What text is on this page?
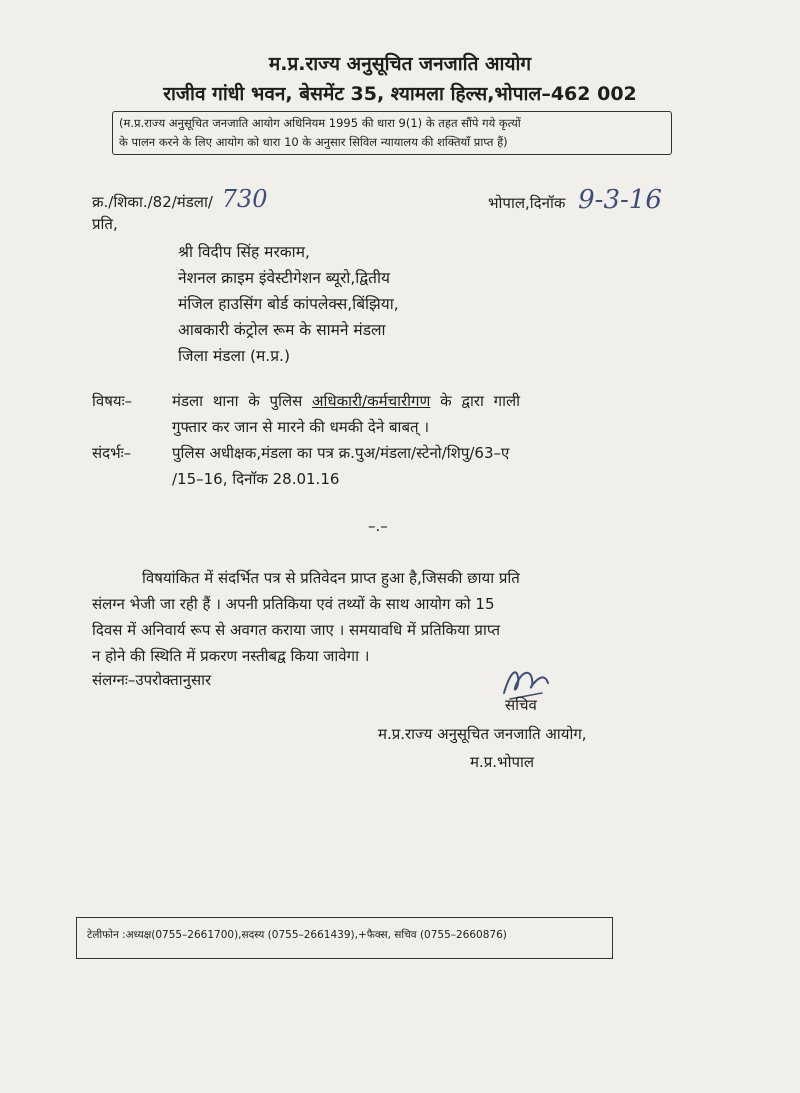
म.प्र.राज्य अनुसूचित जनजाति आयोग
राजीव गांधी भवन, बेसमेंट 35, श्यामला हिल्स,भोपाल–462 002
(म.प्र.राज्य अनुसूचित जनजाति आयोग अधिनियम 1995 की धारा 9(1) के तहत सौंपे गये कृत्यों
के पालन करने के लिए आयोग को धारा 10 के अनुसार सिविल न्यायालय की शक्तियाँ प्राप्त हैं)
क्र./शिका./82/मंडला/ 730	भोपाल,दिनॉक 9-3-16
प्रति,
श्री विदीप सिंह मरकाम,
नेशनल क्राइम इंवेस्टीगेशन ब्यूरो,द्वितीय
मंजिल हाउसिंग बोर्ड कांपलेक्स,बिंझिया,
आबकारी कंट्रोल रूम के सामने मंडला
जिला मंडला (म.प्र.)
विषयः–	मंडला थाना के पुलिस अधिकारी/कर्मचारीगण के द्वारा गाली
गुफ्तार कर जान से मारने की धमकी देने बाबत् ।
संदर्भः–	पुलिस अधीक्षक,मंडला का पत्र क्र.पुअ/मंडला/स्टेनो/शिपु/63–ए
/15–16, दिनॉक 28.01.16
–.–
विषयांकित में संदर्भित पत्र से प्रतिवेदन प्राप्त हुआ है,जिसकी छाया प्रति
संलग्न भेजी जा रही हैं । अपनी प्रतिकिया एवं तथ्यों के साथ आयोग को 15
दिवस में अनिवार्य रूप से अवगत कराया जाए । समयावधि में प्रतिकिया प्राप्त
न होने की स्थिति में प्रकरण नस्तीबद्व किया जावेगा ।
संलग्नः–उपरोक्तानुसार
सचिव
म.प्र.राज्य अनुसूचित जनजाति आयोग,
म.प्र.भोपाल
टेलीफोन :अध्यक्ष(0755–2661700),सदस्य (0755–2661439),+फैक्स, सचिव (0755–2660876)
